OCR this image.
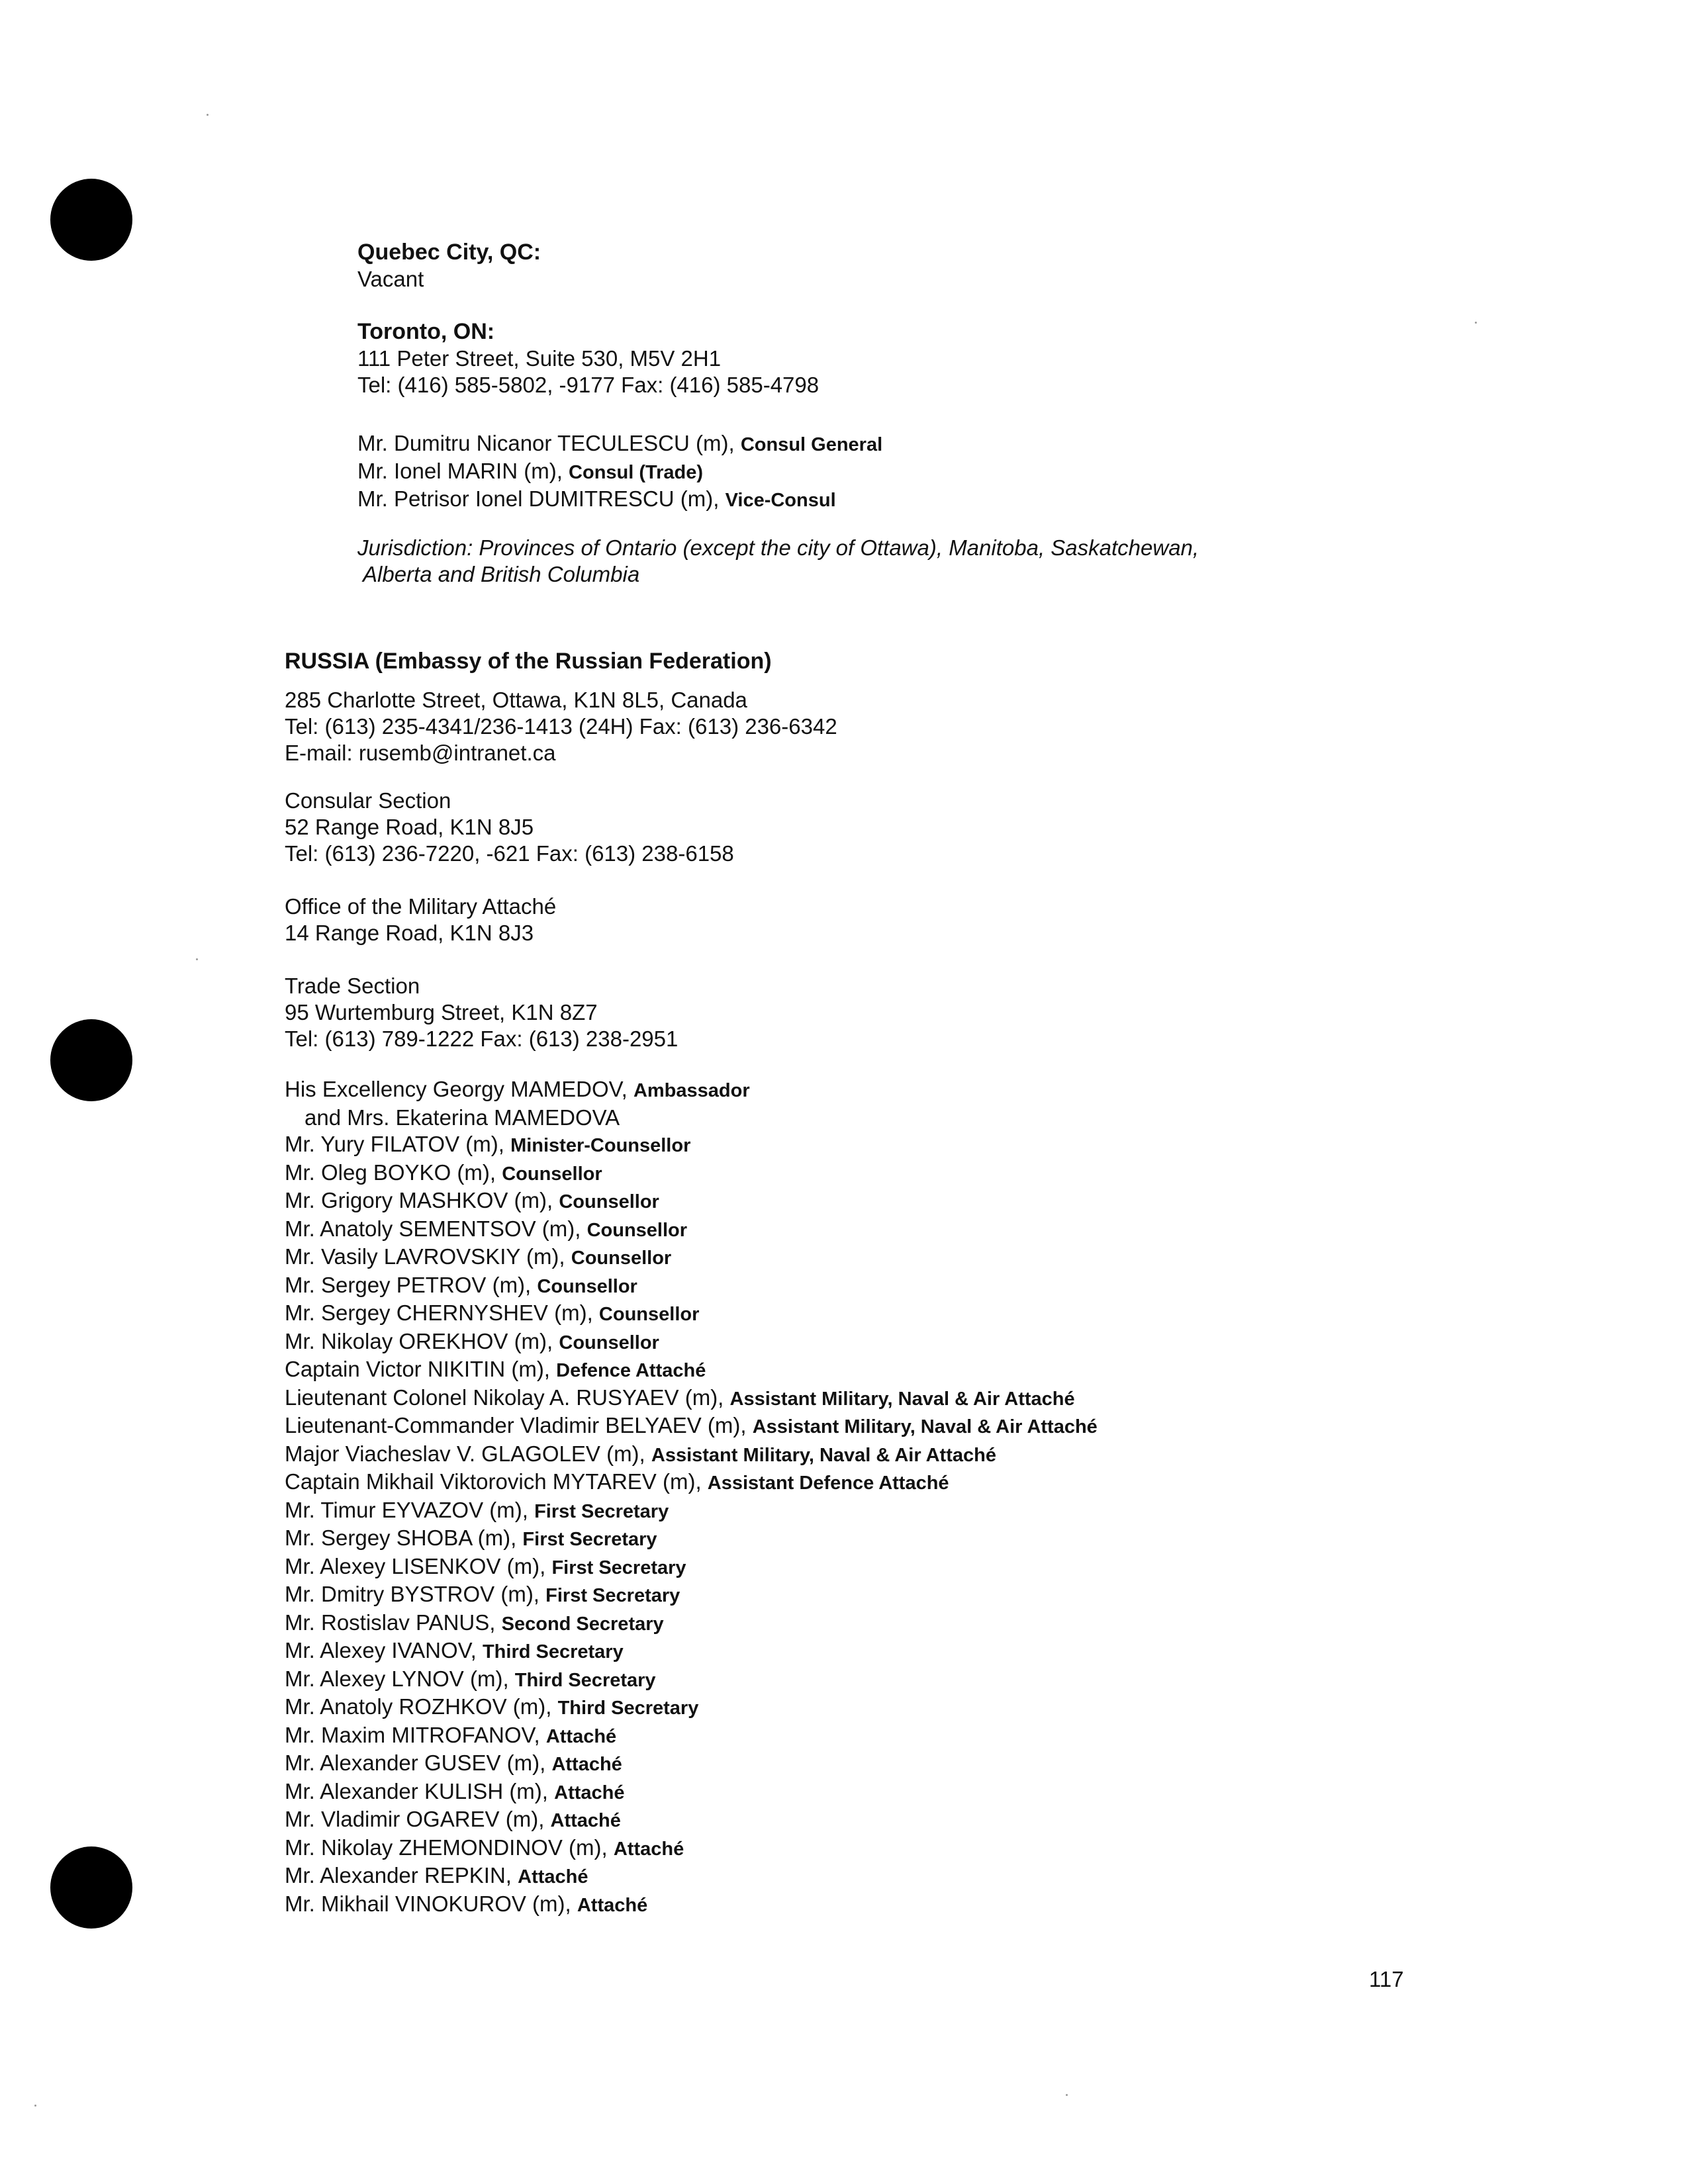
Quebec City, QC:
Vacant
Toronto, ON:
111 Peter Street, Suite 530, M5V 2H1
Tel: (416) 585-5802, -9177 Fax: (416) 585-4798
Mr. Dumitru Nicanor TECULESCU (m), Consul General
Mr. Ionel MARIN (m), Consul (Trade)
Mr. Petrisor Ionel DUMITRESCU (m), Vice-Consul
Jurisdiction: Provinces of Ontario (except the city of Ottawa), Manitoba, Saskatchewan,
Alberta and British Columbia
RUSSIA (Embassy of the Russian Federation)
285 Charlotte Street, Ottawa, K1N 8L5, Canada
Tel: (613) 235-4341/236-1413 (24H) Fax: (613) 236-6342
E-mail: rusemb@intranet.ca
Consular Section
52 Range Road, K1N 8J5
Tel: (613) 236-7220, -621 Fax: (613) 238-6158
Office of the Military Attaché
14 Range Road, K1N 8J3
Trade Section
95 Wurtemburg Street, K1N 8Z7
Tel: (613) 789-1222 Fax: (613) 238-2951
His Excellency Georgy MAMEDOV, Ambassador
and Mrs. Ekaterina MAMEDOVA
Mr. Yury FILATOV (m), Minister-Counsellor
Mr. Oleg BOYKO (m), Counsellor
Mr. Grigory MASHKOV (m), Counsellor
Mr. Anatoly SEMENTSOV (m), Counsellor
Mr. Vasily LAVROVSKIY (m), Counsellor
Mr. Sergey PETROV (m), Counsellor
Mr. Sergey CHERNYSHEV (m), Counsellor
Mr. Nikolay OREKHOV (m), Counsellor
Captain Victor NIKITIN (m), Defence Attaché
Lieutenant Colonel Nikolay A. RUSYAEV (m), Assistant Military, Naval & Air Attaché
Lieutenant-Commander Vladimir BELYAEV (m), Assistant Military, Naval & Air Attaché
Major Viacheslav V. GLAGOLEV (m), Assistant Military, Naval & Air Attaché
Captain Mikhail Viktorovich MYTAREV (m), Assistant Defence Attaché
Mr. Timur EYVAZOV (m), First Secretary
Mr. Sergey SHOBA (m), First Secretary
Mr. Alexey LISENKOV (m), First Secretary
Mr. Dmitry BYSTROV (m), First Secretary
Mr. Rostislav PANUS, Second Secretary
Mr. Alexey IVANOV, Third Secretary
Mr. Alexey LYNOV (m), Third Secretary
Mr. Anatoly ROZHKOV (m), Third Secretary
Mr. Maxim MITROFANOV, Attaché
Mr. Alexander GUSEV (m), Attaché
Mr. Alexander KULISH (m), Attaché
Mr. Vladimir OGAREV (m), Attaché
Mr. Nikolay ZHEMONDINOV (m), Attaché
Mr. Alexander REPKIN, Attaché
Mr. Mikhail VINOKUROV (m), Attaché
117
